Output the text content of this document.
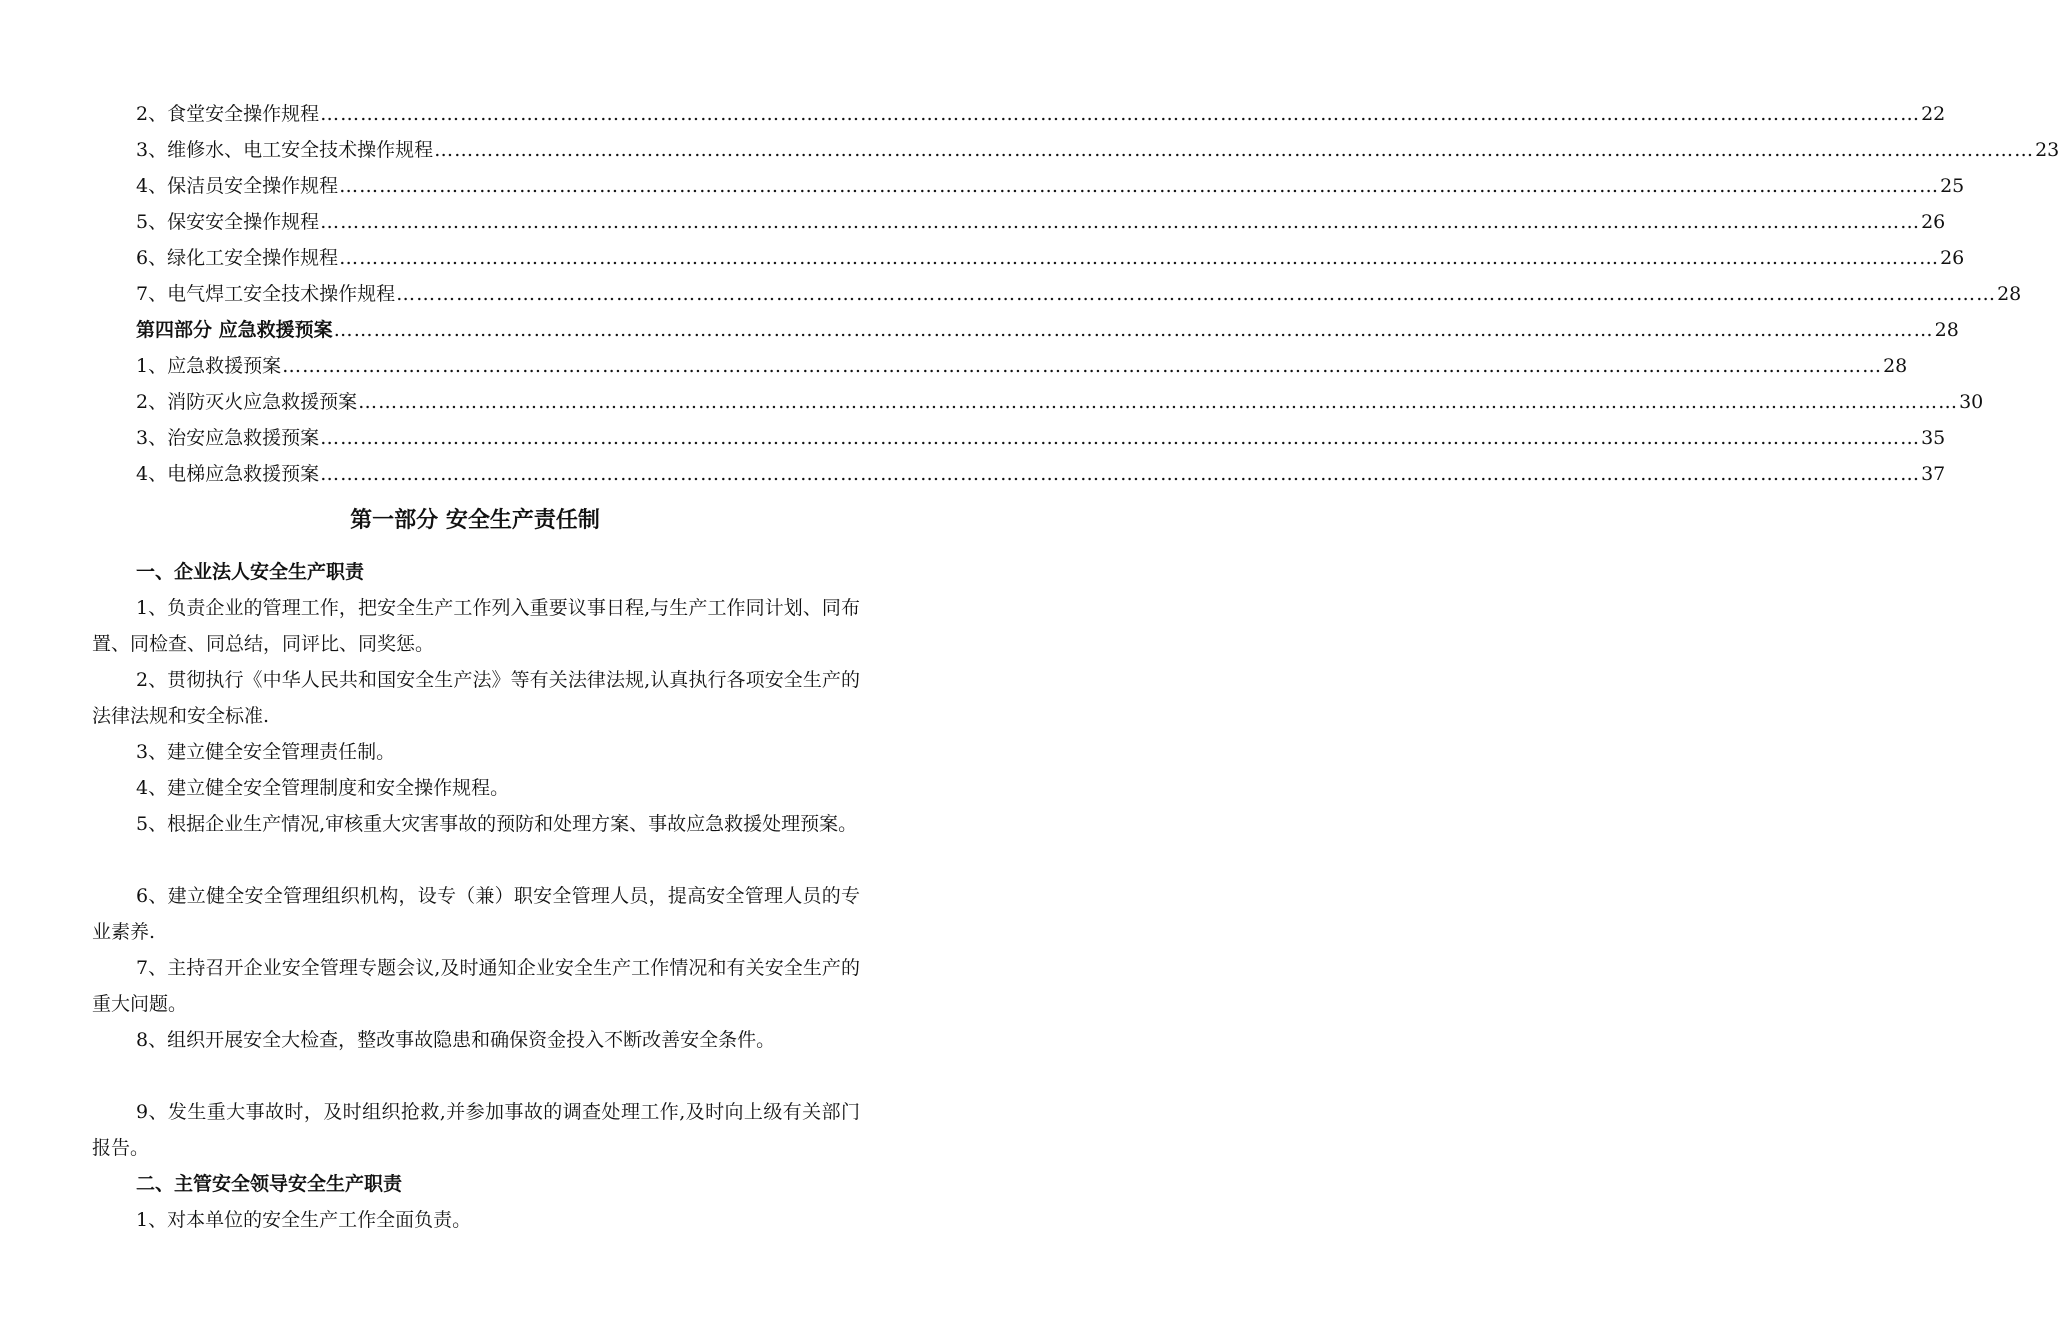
2、食堂安全操作规程 …………………………………………………………………………………………………………………………………………………………………………………………………………………… 22
3、维修水、电工安全技术操作规程 …………………………………………………………………………………………………………………………………………………………………………………………………………………… 23
4、保洁员安全操作规程 …………………………………………………………………………………………………………………………………………………………………………………………………………………… 25
5、保安安全操作规程 …………………………………………………………………………………………………………………………………………………………………………………………………………………… 26
6、绿化工安全操作规程 …………………………………………………………………………………………………………………………………………………………………………………………………………………… 26
7、电气焊工安全技术操作规程 …………………………………………………………………………………………………………………………………………………………………………………………………………………… 28
第四部分 应急救援预案 …………………………………………………………………………………………………………………………………………………………………………………………………………………… 28
1、应急救援预案 …………………………………………………………………………………………………………………………………………………………………………………………………………………… 28
2、消防灭火应急救援预案 …………………………………………………………………………………………………………………………………………………………………………………………………………………… 30
3、治安应急救援预案 …………………………………………………………………………………………………………………………………………………………………………………………………………………… 35
4、电梯应急救援预案 …………………………………………………………………………………………………………………………………………………………………………………………………………………… 37
第一部分 安全生产责任制

一、企业法人安全生产职责

1、负责企业的管理工作，把安全生产工作列入重要议事日程,与生产工作同计划、同布置、同检查、同总结，同评比、同奖惩。

2、贯彻执行《中华人民共和国安全生产法》等有关法律法规,认真执行各项安全生产的法律法规和安全标准.

3、建立健全安全管理责任制。

4、建立健全安全管理制度和安全操作规程。

5、根据企业生产情况,审核重大灾害事故的预防和处理方案、事故应急救援处理预案。

6、建立健全安全管理组织机构，设专（兼）职安全管理人员，提高安全管理人员的专业素养.

7、主持召开企业安全管理专题会议,及时通知企业安全生产工作情况和有关安全生产的重大问题。

8、组织开展安全大检查，整改事故隐患和确保资金投入不断改善安全条件。

9、发生重大事故时，及时组织抢救,并参加事故的调查处理工作,及时向上级有关部门报告。

二、主管安全领导安全生产职责

1、对本单位的安全生产工作全面负责。
